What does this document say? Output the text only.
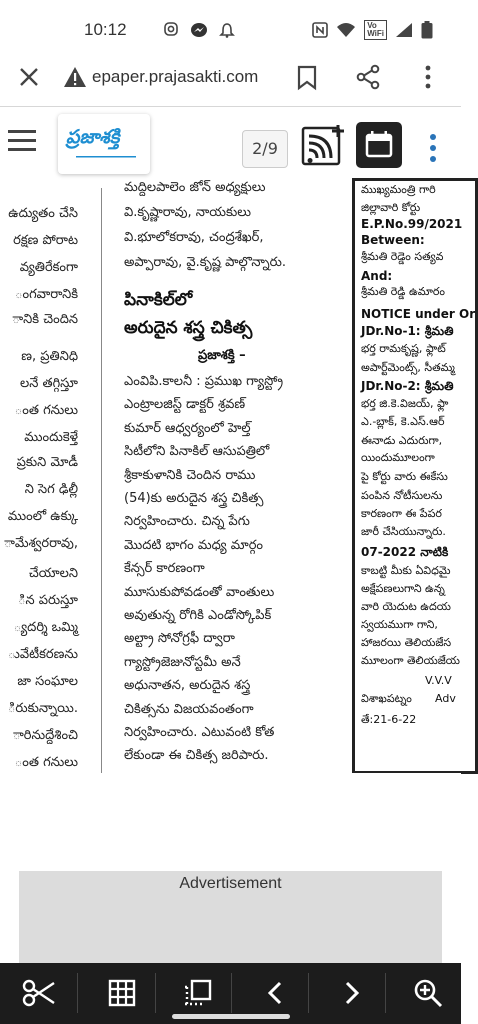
10:12	Vo
WiFi
epaper.prajasakti.com
ప్రజాశక్తి
2/9
ఉద్యుతం చేసి
రక్షణ పోరాట
వ్యతిరేకంగా
ంగవారానికి
ానికి చెందిన
ణ, ప్రతినిధి
లనే తగ్గిస్తూ
ంత గనులు
ముందుకెళ్తే
ప్రకుని మోడీ
ని సెగ ఢిల్లీ
ముంలో ఉక్కు
ామేశ్వరరావు,
చేయాలని
ిన పరుస్తూ
్యదర్శి ఒమ్మి
ువేటీకరణను
జా సంఘాల
ిరుకున్నాయి.
ారినుద్దేశించి
ంత గనులు
మద్దిలపాలెం జోన్ అధ్యక్షులు
వి.కృష్ణారావు, నాయకులు
వి.భూలోకరావు, చంద్రశేఖర్,
అప్పారావు, వై.కృష్ణ పాల్గొన్నారు.
పినాకిల్‌లో
అరుదైన శస్త్ర చికిత్స
ప్రజాశక్తి –
ఎంవిపి.కాలనీ : ప్రముఖ గ్యాస్ట్రో
ఎంట్రాలజిస్ట్ డాక్టర్ శ్రవణ్
కుమార్ ఆధ్వర్యంలో హెల్త్
సిటీలోని పినాకిల్ ఆసుపత్రిలో
శ్రీకాకుళానికి చెందిన రాము
(54)కు అరుదైన శస్త్ర చికిత్స
నిర్వహించారు. చిన్న పేగు
మొదటి భాగం మధ్య మార్గం
కేన్సర్ కారణంగా
మూసుకుపోవడంతో వాంతులు
అవుతున్న రోగికి ఎండోస్కోపిక్
అల్ట్రా సోనోగ్రఫీ ద్వారా
గ్యాస్ట్రోజెజునోస్టమీ అనే
అధునాతన, అరుదైన శస్త్ర
చికిత్సను విజయవంతంగా
నిర్వహించారు. ఎటువంటి కోత
లేకుండా ఈ చికిత్స జరిపారు.
ముఖ్యమంత్రి గారి
జిల్లావారి కోర్టు
E.P.No.99/2021
Between:
శ్రీమతి రెడ్డెం సత్యవ
And:
శ్రీమతి రెడ్డి ఉమారం
NOTICE under Or
JDr.No-1: శ్రీమతి
భర్త రామకృష్ణ, ఫ్లాట్
అపార్ట్‌మెంట్స్, సీతమ్మ
JDr.No-2: శ్రీమతి
భర్త జి.కె.విజయ్, ఫ్లా
ఎ.-బ్లాక్, కె.ఎస్.ఆర్
ఈనాడు ఎదురుగా,
యిందుమూలంగా
పై కోర్టు వారు ఈకేసు
పంపిన నోటీసులను
కారణంగా ఈ పేపర
జారీ చేసియున్నారు.
07-2022 నాటికి
కాబట్టి మీకు ఏవిధమై
అక్షేపణలుగాని ఉన్న
వారి యెదుట ఉదయ
స్వయముగా గాని,
హాజరయి తెలియజేస
మూలంగా తెలియజేయ
V.V.V
విశాఖపట్నం Adv
తే:21-6-22
Advertisement
